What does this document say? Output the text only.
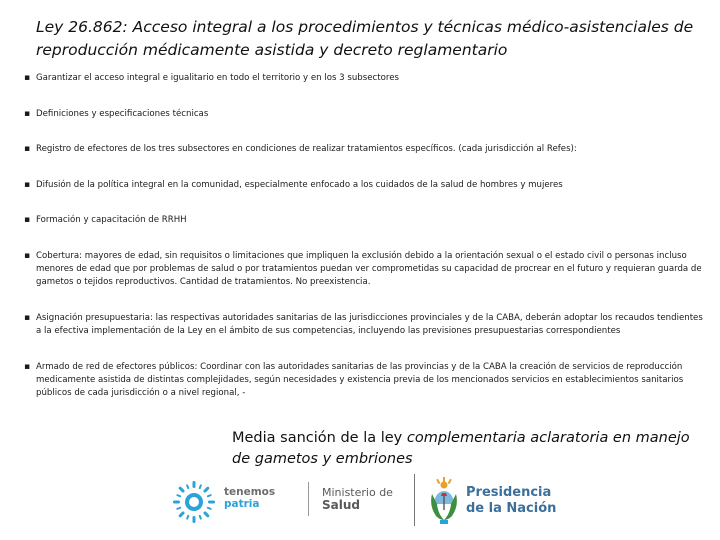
Ley 26.862: Acceso integral a los procedimientos y técnicas médico-asistenciales de reproducción médicamente asistida y decreto reglamentario
▪ Garantizar el acceso integral e igualitario en todo el territorio y en los 3 subsectores
▪ Definiciones y especificaciones técnicas
▪ Registro de efectores de los tres subsectores en condiciones de realizar tratamientos específicos. (cada jurisdicción al Refes):
▪ Difusión de la política integral en la comunidad, especialmente enfocado a los cuidados de la salud de hombres y mujeres
▪ Formación y capacitación de RRHH
▪ Cobertura: mayores de edad, sin requisitos o limitaciones que impliquen la exclusión debido a la orientación sexual o el estado civil o personas incluso menores de edad que por problemas de salud o por tratamientos puedan ver comprometidas su capacidad de procrear en el futuro y requieran guarda de gametos o tejidos reproductivos. Cantidad de tratamientos. No preexistencia.
▪ Asignación presupuestaria: las respectivas autoridades sanitarias de las jurisdicciones provinciales y de la CABA, deberán adoptar los recaudos tendientes a la efectiva implementación de la Ley en el ámbito de sus competencias, incluyendo las previsiones presupuestarias correspondientes
▪ Armado de red de efectores públicos: Coordinar con las autoridades sanitarias de las provincias y de la CABA la creación de servicios de reproducción medicamente asistida de distintas complejidades, según necesidades y existencia previa de los mencionados servicios en establecimientos sanitarios públicos de cada jurisdicción o a nivel regional, -
Media sanción de la ley complementaria aclaratoria en manejo de gametos y embriones
tenemos
patria
Ministerio de
Salud
Presidencia
de la Nación
